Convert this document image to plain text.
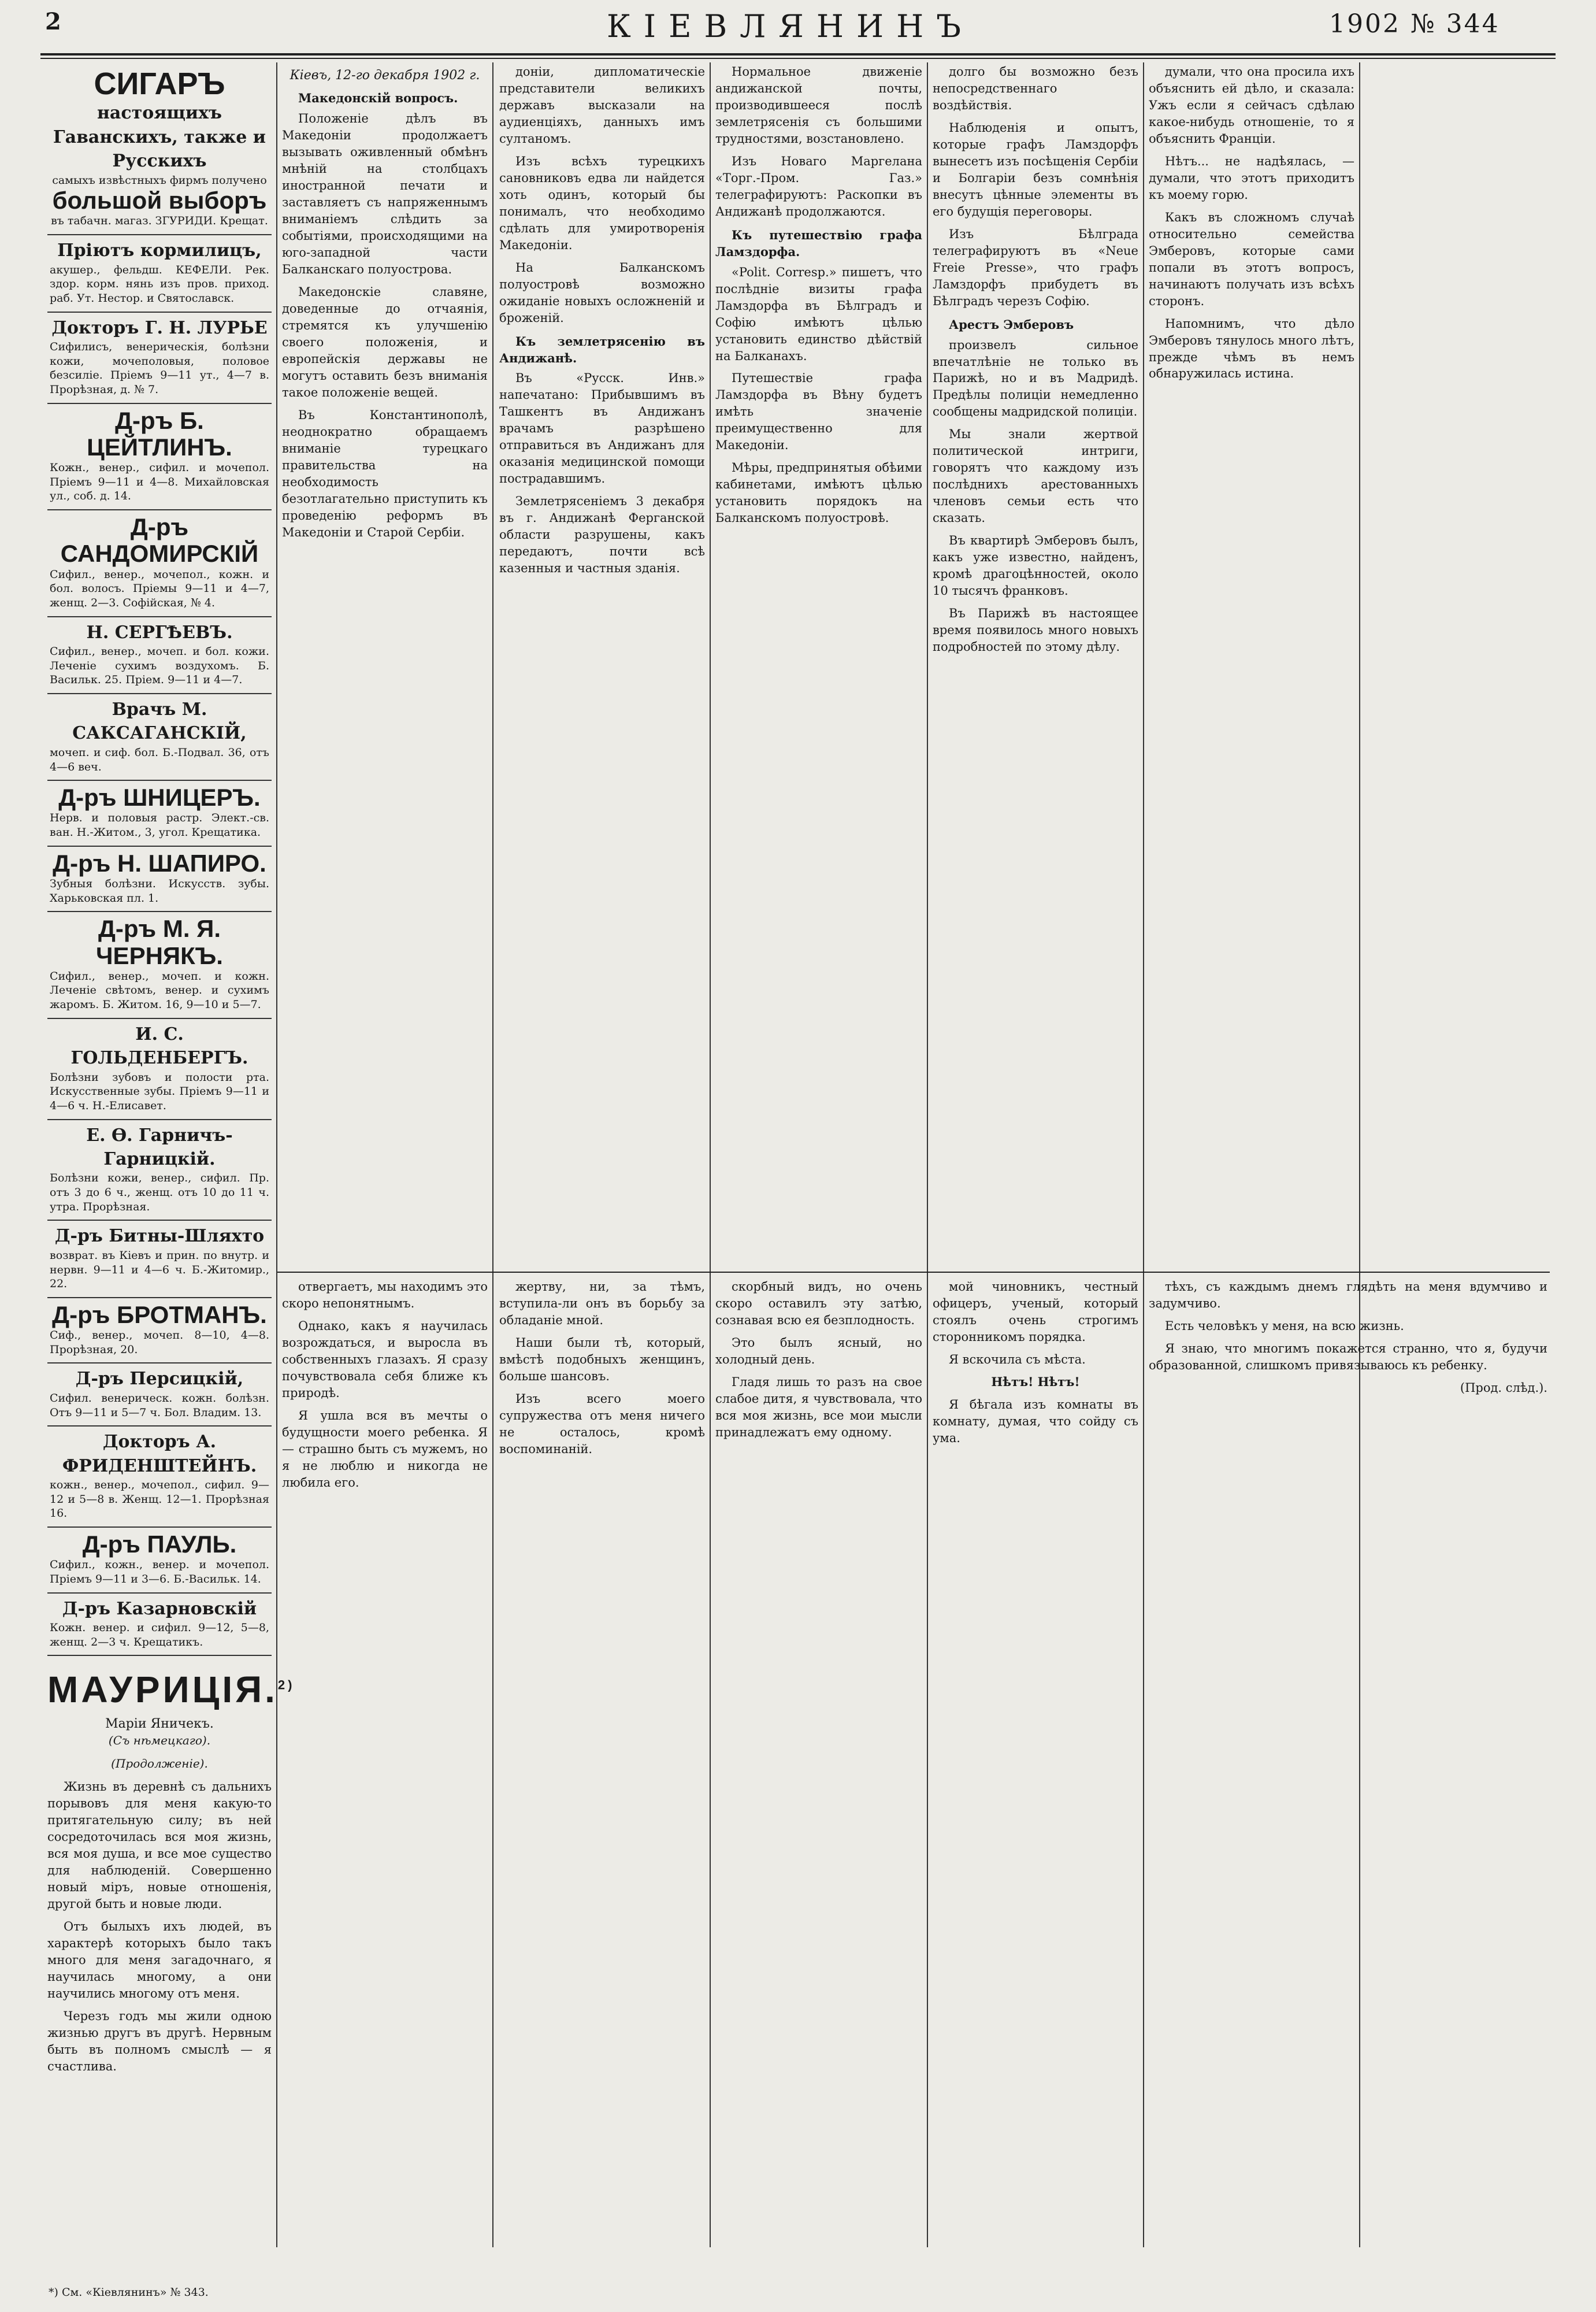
2	КІЕВЛЯНИНЪ	1902 № 344
СИГАРЪ
настоящихъ Гаванскихъ, также и Русскихъ
самыхъ извѣстныхъ фирмъ получено
большой выборъ
въ табачн. магаз. ЗГУРИДИ. Крещат.
Пріютъ кормилицъ,
акушер., фельдш. КЕФЕЛИ. Рек. здор. корм. нянь изъ пров. приход. раб. Ут. Нестор. и Святославск.
Докторъ Г. Н. ЛУРЬЕ
Сифилисъ, венерическія, болѣзни кожи, мочеполовыя, половое безсиліе. Пріемъ 9—11 ут., 4—7 в. Прорѣзная, д. № 7.
Д-ръ Б. ЦЕЙТЛИНЪ.
Кожн., венер., сифил. и мочепол. Пріемъ 9—11 и 4—8. Михайловская ул., соб. д. 14.
Д-ръ САНДОМИРСКІЙ
Сифил., венер., мочепол., кожн. и бол. волосъ. Пріемы 9—11 и 4—7, женщ. 2—3. Софійская, № 4.
Н. СЕРГѢЕВЪ.
Сифил., венер., мочеп. и бол. кожи. Леченіе сухимъ воздухомъ. Б. Васильк. 25. Пріем. 9—11 и 4—7.
Врачъ М. САКСАГАНСКІЙ,
мочеп. и сиф. бол. Б.-Подвал. 36, отъ 4—6 веч.
Д-ръ ШНИЦЕРЪ.
Нерв. и половыя растр. Элект.-св. ван. Н.-Житом., 3, угол. Крещатика.
Д-ръ Н. ШАПИРО.
Зубныя болѣзни. Искусств. зубы. Харьковская пл. 1.
Д-ръ М. Я. ЧЕРНЯКЪ.
Сифил., венер., мочеп. и кожн. Леченіе свѣтомъ, венер. и сухимъ жаромъ. Б. Житом. 16, 9—10 и 5—7.
И. С. ГОЛЬДЕНБЕРГЪ.
Болѣзни зубовъ и полости рта. Искусственные зубы. Пріемъ 9—11 и 4—6 ч. Н.-Елисавет.
Е. Ѳ. Гарничъ-Гарницкій.
Болѣзни кожи, венер., сифил. Пр. отъ 3 до 6 ч., женщ. отъ 10 до 11 ч. утра. Прорѣзная.
Д-ръ Битны-Шляхто
возврат. въ Кіевъ и прин. по внутр. и нервн. 9—11 и 4—6 ч. Б.-Житомир., 22.
Д-ръ БРОТМАНЪ.
Сиф., венер., мочеп. 8—10, 4—8. Прорѣзная, 20.
Д-ръ Персицкій,
Сифил. венерическ. кожн. болѣзн. Отъ 9—11 и 5—7 ч. Бол. Владим. 13.
Докторъ А. ФРИДЕНШТЕЙНЪ.
кожн., венер., мочепол., сифил. 9—12 и 5—8 в. Женщ. 12—1. Прорѣзная 16.
Д-ръ ПАУЛЬ.
Сифил., кожн., венер. и мочепол. Пріемъ 9—11 и 3—6. Б.-Васильк. 14.
Д-ръ Казарновскій
Кожн. венер. и сифил. 9—12, 5—8, женщ. 2—3 ч. Крещатикъ.
МАУРИЦІЯ.$^{2)}$
Маріи Яничекъ.
(Съ нѣмецкаго).
(Продолженіе).

Жизнь въ деревнѣ съ дальнихъ порывовъ для меня какую-то притягательную силу; въ ней сосредоточилась вся моя жизнь, вся моя душа, и все мое существо для наблюденій. Совершенно новый міръ, новые отношенія, другой быть и новые люди.

Отъ былыхъ ихъ людей, въ характерѣ которыхъ было такъ много для меня загадочнаго, я научилась многому, а они научились многому отъ меня.

Черезъ годъ мы жили одною жизнью другъ въ другѣ. Нервным быть въ полномъ смыслѣ — я счастлива.

Кіевъ, 12-го декабря 1902 г.
Македонскій вопросъ.

Положеніе дѣлъ въ Македоніи продолжаетъ вызывать оживленный обмѣнъ мнѣній на столбцахъ иностранной печати и заставляетъ съ напряженнымъ вниманіемъ слѣдить за событіями, происходящими на юго-западной части Балканскаго полуострова.

Македонскіе славяне, доведенные до отчаянія, стремятся къ улучшенію своего положенія, и европейскія державы не могутъ оставить безъ вниманія такое положеніе вещей.

Въ Константинополѣ, неоднократно обращаемъ вниманіе турецкаго правительства на необходимость безотлагательно приступить къ проведенію реформъ въ Македоніи и Старой Сербіи.

доніи, дипломатическіе представители великихъ державъ высказали на аудиенціяхъ, данныхъ имъ султаномъ.

Изъ всѣхъ турецкихъ сановниковъ едва ли найдется хоть одинъ, который бы понималъ, что необходимо сдѣлать для умиротворенія Македоніи.

На Балканскомъ полуостровѣ возможно ожиданіе новыхъ осложненій и броженій.

Къ землетрясенію въ Андижанѣ.

Въ «Русск. Инв.» напечатано: Прибывшимъ въ Ташкентъ въ Андижанъ врачамъ разрѣшено отправиться въ Андижанъ для оказанія медицинской помощи пострадавшимъ.

Землетрясеніемъ 3 декабря въ г. Андижанѣ Ферганской области разрушены, какъ передаютъ, почти всѣ казенныя и частныя зданія.

Нормальное движеніе андижанской почты, производившееся послѣ землетрясенія съ большими трудностями, возстановлено.

Изъ Новаго Маргелана «Торг.-Пром. Газ.» телеграфируютъ: Раскопки въ Андижанѣ продолжаются.

Къ путешествію графа Ламздорфа.

«Polit. Corresp.» пишетъ, что послѣдніе визиты графа Ламздорфа въ Бѣлградъ и Софію имѣютъ цѣлью установить единство дѣйствій на Балканахъ.

Путешествіе графа Ламздорфа въ Вѣну будетъ имѣть значеніе преимущественно для Македоніи.

Мѣры, предпринятыя обѣими кабинетами, имѣютъ цѣлью установить порядокъ на Балканскомъ полуостровѣ.

долго бы возможно безъ непосредственнаго воздѣйствія.

Наблюденія и опытъ, которые графъ Ламздорфъ вынесетъ изъ посѣщенія Сербіи и Болгаріи безъ сомнѣнія внесутъ цѣнные элементы въ его будущія переговоры.

Изъ Бѣлграда телеграфируютъ въ «Neue Freie Presse», что графъ Ламздорфъ прибудетъ въ Бѣлградъ черезъ Софію.

Арестъ Эмберовъ

произвелъ сильное впечатлѣніе не только въ Парижѣ, но и въ Мадридѣ. Предѣлы полиціи немедленно сообщены мадридской полиціи.

Мы знали жертвой политической интриги, говорятъ что каждому изъ послѣднихъ арестованныхъ членовъ семьи есть что сказать.

Въ квартирѣ Эмберовъ былъ, какъ уже известно, найденъ, кромѣ драгоцѣнностей, около 10 тысячъ франковъ.

Въ Парижѣ въ настоящее время появилось много новыхъ подробностей по этому дѣлу.

думали, что она просила ихъ объяснить ей дѣло, и сказала: Ужъ если я сейчасъ сдѣлаю какое-нибудь отношеніе, то я объяснить Франціи.

Нѣтъ... не надѣялась, — думали, что этотъ приходитъ къ моему горю.

Какъ въ сложномъ случаѣ относительно семейства Эмберовъ, которые сами попали въ этотъ вопросъ, начинаютъ получать изъ всѣхъ сторонъ.

Напомнимъ, что дѣло Эмберовъ тянулось много лѣтъ, прежде чѣмъ въ немъ обнаружилась истина.

отвергаетъ, мы находимъ это скоро непонятнымъ.

Однако, какъ я научилась возрождаться, и выросла въ собственныхъ глазахъ. Я сразу почувствовала себя ближе къ природѣ.

Я ушла вся въ мечты о будущности моего ребенка. Я — страшно быть съ мужемъ, но я не люблю и никогда не любила его.

жертву, ни, за тѣмъ, вступила-ли онъ въ борьбу за обладаніе мной.

Наши были тѣ, который, вмѣстѣ подобныхъ женщинъ, больше шансовъ.

Изъ всего моего супружества отъ меня ничего не осталось, кромѣ воспоминаній.

скорбный видъ, но очень скоро оставилъ эту затѣю, сознавая всю ея безплодность.

Это былъ ясный, но холодный день.

Гладя лишь то разъ на свое слабое дитя, я чувствовала, что вся моя жизнь, все мои мысли принадлежатъ ему одному.

мой чиновникъ, честный офицеръ, ученый, который стоялъ очень строгимъ сторонникомъ порядка.

Я вскочила съ мѣста.

Нѣтъ! Нѣтъ!

Я бѣгала изъ комнаты въ комнату, думая, что сойду съ ума.

тѣхъ, съ каждымъ днемъ глядѣть на меня вдумчиво и задумчиво.

Есть человѣкъ у меня, на всю жизнь.

Я знаю, что многимъ покажется странно, что я, будучи образованной, слишкомъ привязываюсь къ ребенку.

(Прод. слѣд.).

*) См. «Кіевлянинъ» № 343.
